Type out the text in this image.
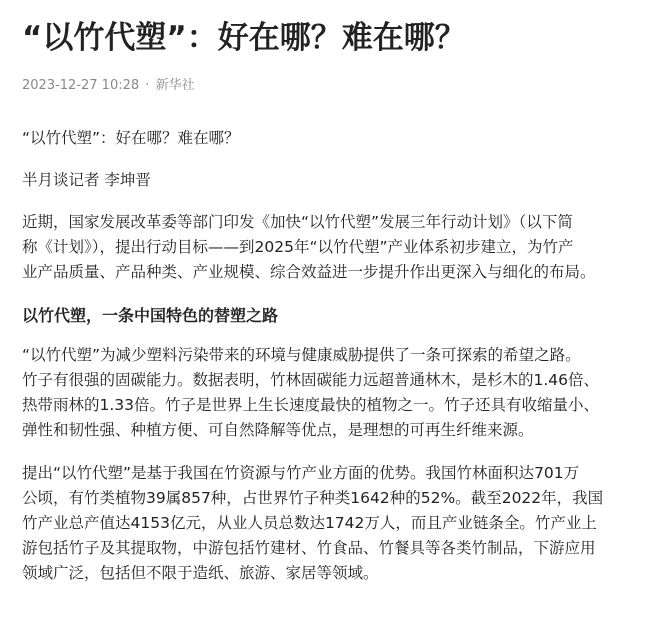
“以竹代塑”：好在哪？难在哪？
2023-12-27 10:28 · 新华社

“以竹代塑”：好在哪？难在哪？

半月谈记者 李坤晋

近期，国家发展改革委等部门印发《加快“以竹代塑”发展三年行动计划》（以下简
称《计划》），提出行动目标——到2025年“以竹代塑”产业体系初步建立，为竹产
业产品质量、产品种类、产业规模、综合效益进一步提升作出更深入与细化的布局。

以竹代塑，一条中国特色的替塑之路

“以竹代塑”为减少塑料污染带来的环境与健康威胁提供了一条可探索的希望之路。
竹子有很强的固碳能力。数据表明，竹林固碳能力远超普通林木，是杉木的1.46倍、
热带雨林的1.33倍。竹子是世界上生长速度最快的植物之一。竹子还具有收缩量小、
弹性和韧性强、种植方便、可自然降解等优点，是理想的可再生纤维来源。

提出“以竹代塑”是基于我国在竹资源与竹产业方面的优势。我国竹林面积达701万
公顷，有竹类植物39属857种，占世界竹子种类1642种的52%。截至2022年，我国
竹产业总产值达4153亿元，从业人员总数达1742万人，而且产业链条全。竹产业上
游包括竹子及其提取物，中游包括竹建材、竹食品、竹餐具等各类竹制品，下游应用
领域广泛，包括但不限于造纸、旅游、家居等领域。
